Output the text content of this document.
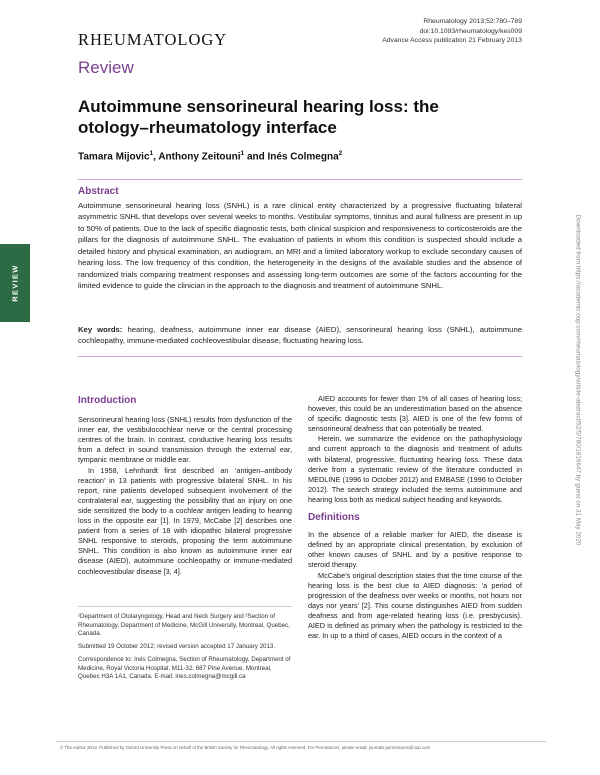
RHEUMATOLOGY
Rheumatology 2013;52:780–789
doi:10.1093/rheumatology/kes009
Advance Access publication 21 February 2013
Review
Autoimmune sensorineural hearing loss: the otology–rheumatology interface
Tamara Mijovic$^1$, Anthony Zeitouni$^1$ and Inés Colmegna$^2$
Abstract
Autoimmune sensorineural hearing loss (SNHL) is a rare clinical entity characterized by a progressive fluctuating bilateral asymmetric SNHL that develops over several weeks to months. Vestibular symptoms, tinnitus and aural fullness are present in up to 50% of patients. Due to the lack of specific diagnostic tests, both clinical suspicion and responsiveness to corticosteroids are the pillars for the diagnosis of autoimmune SNHL. The evaluation of patients in whom this condition is suspected should include a detailed history and physical examination, an audiogram, an MRI and a limited laboratory workup to exclude secondary causes of hearing loss. The low frequency of this condition, the heterogeneity in the designs of the available studies and the absence of randomized trials comparing treatment responses and assessing long-term outcomes are some of the factors accounting for the limited evidence to guide the clinician in the approach to the diagnosis and treatment of autoimmune SNHL.
Key words: hearing, deafness, autoimmune inner ear disease (AIED), sensorineural hearing loss (SNHL), autoimmune cochleopathy, immune-mediated cochleovestibular disease, fluctuating hearing loss.
REVIEW	Downloaded from https://academic.oup.com/rheumatology/article-abstract/52/5/780/1816647 by guest on 31 May 2020
Introduction

Sensorineural hearing loss (SNHL) results from dysfunction of the inner ear, the vestibulocochlear nerve or the central processing centres of the brain. In contrast, conductive hearing loss results from a defect in sound transmission through the external ear, tympanic membrane or middle ear.

In 1958, Lehnhardt first described an ‘antigen–antibody reaction’ in 13 patients with progressive bilateral SNHL. In his report, nine patients developed subsequent involvement of the contralateral ear, suggesting the possibility that an injury on one side sensitized the body to a cochlear antigen leading to hearing loss in the opposite ear [1]. In 1979, McCabe [2] describes one patient from a series of 18 with idiopathic bilateral progressive SNHL responsive to steroids, proposing the term autoimmune SNHL. This condition is also known as autoimmune inner ear disease (AIED), autoimmune cochleopathy or immune-mediated cochleovestibular disease [3, 4].

¹Department of Otolaryngology, Head and Neck Surgery and ²Section of Rheumatology, Department of Medicine, McGill University, Montreal, Quebec, Canada.

Submitted 19 October 2012; revised version accepted 17 January 2013.

Correspondence to: Inés Colmegna, Section of Rheumatology, Department of Medicine, Royal Victoria Hospital, M11-32, 687 Pine Avenue, Montreal, Quebec H3A 1A1, Canada. E-mail: ines.colmegna@mcgill.ca

AIED accounts for fewer than 1% of all cases of hearing loss; however, this could be an underestimation based on the absence of specific diagnostic tests [3]. AIED is one of the few forms of sensorineural deafness that can potentially be treated.

Herein, we summarize the evidence on the pathophysiology and current approach to the diagnosis and treatment of adults with bilateral, progressive, fluctuating hearing loss. These data derive from a systematic review of the literature conducted in MEDLINE (1996 to October 2012) and EMBASE (1996 to October 2012). The search strategy included the terms autoimmune and hearing loss both as medical subject heading and keywords.

Definitions

In the absence of a reliable marker for AIED, the disease is defined by an appropriate clinical presentation, by exclusion of other known causes of SNHL and by a positive response to steroid therapy.

McCabe’s original description states that the time course of the hearing loss is the best clue to AIED diagnosis: ‘a period of progression of the deafness over weeks or months, not hours nor days nor years’ [2]. This course distinguishes AIED from sudden deafness and from age-related hearing loss (i.e. presbycusis). AIED is defined as primary when the pathology is restricted to the ear. In up to a third of cases, AIED occurs in the context of a

© The Author 2013. Published by Oxford University Press on behalf of the British Society for Rheumatology. All rights reserved. For Permissions, please email: journals.permissions@oup.com
